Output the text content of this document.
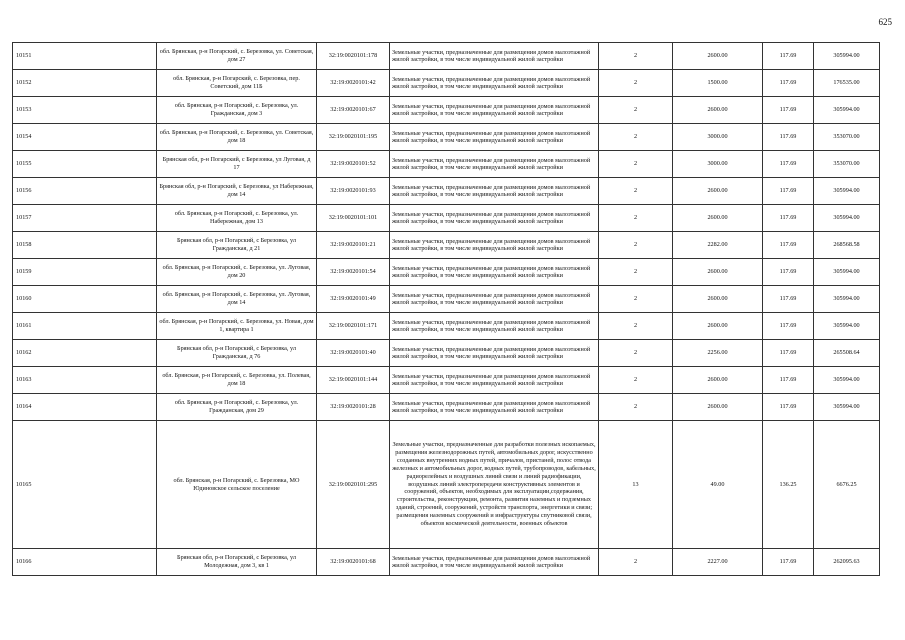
625
10151	обл. Брянская, р-н Погарский, с. Березовка, ул. Советская, дом 27	32:19:0020101:178	Земельные участки, предназначенные для размещения домов малоэтажной жилой застройки, в том числе индивидуальной жилой застройки	2	2600.00	117.69	305994.00
10152	обл. Брянская, р-н Погарский, с. Березовка, пер. Советский, дом 11Б	32:19:0020101:42	Земельные участки, предназначенные для размещения домов малоэтажной жилой застройки, в том числе индивидуальной жилой застройки	2	1500.00	117.69	176535.00
10153	обл. Брянская, р-н Погарский, с. Березовка, ул. Гражданская, дом 3	32:19:0020101:67	Земельные участки, предназначенные для размещения домов малоэтажной жилой застройки, в том числе индивидуальной жилой застройки	2	2600.00	117.69	305994.00
10154	обл. Брянская, р-н Погарский, с. Березовка, ул. Советская, дом 18	32:19:0020101:195	Земельные участки, предназначенные для размещения домов малоэтажной жилой застройки, в том числе индивидуальной жилой застройки	2	3000.00	117.69	353070.00
10155	Брянская обл, р-н Погарский, с Березовка, ул Луговая, д 17	32:19:0020101:52	Земельные участки, предназначенные для размещения домов малоэтажной жилой застройки, в том числе индивидуальной жилой застройки	2	3000.00	117.69	353070.00
10156	Брянская обл, р-н Погарский, с Березовка, ул Набережная, дом 14	32:19:0020101:93	Земельные участки, предназначенные для размещения домов малоэтажной жилой застройки, в том числе индивидуальной жилой застройки	2	2600.00	117.69	305994.00
10157	обл. Брянская, р-н Погарский, с. Березовка, ул. Набережная, дом 13	32:19:0020101:101	Земельные участки, предназначенные для размещения домов малоэтажной жилой застройки, в том числе индивидуальной жилой застройки	2	2600.00	117.69	305994.00
10158	Брянская обл, р-н Погарский, с Березовка, ул Гражданская, д 21	32:19:0020101:21	Земельные участки, предназначенные для размещения домов малоэтажной жилой застройки, в том числе индивидуальной жилой застройки	2	2282.00	117.69	268568.58
10159	обл. Брянская, р-н Погарский, с. Березовка, ул. Луговая, дом 20	32:19:0020101:54	Земельные участки, предназначенные для размещения домов малоэтажной жилой застройки, в том числе индивидуальной жилой застройки	2	2600.00	117.69	305994.00
10160	обл. Брянская, р-н Погарский, с. Березовка, ул. Луговая, дом 14	32:19:0020101:49	Земельные участки, предназначенные для размещения домов малоэтажной жилой застройки, в том числе индивидуальной жилой застройки	2	2600.00	117.69	305994.00
10161	обл. Брянская, р-н Погарский, с. Березовка, ул. Новая, дом 1, квартира 1	32:19:0020101:171	Земельные участки, предназначенные для размещения домов малоэтажной жилой застройки, в том числе индивидуальной жилой застройки	2	2600.00	117.69	305994.00
10162	Брянская обл, р-н Погарский, с Березовка, ул Гражданская, д 76	32:19:0020101:40	Земельные участки, предназначенные для размещения домов малоэтажной жилой застройки, в том числе индивидуальной жилой застройки	2	2256.00	117.69	265508.64
10163	обл. Брянская, р-н Погарский, с. Березовка, ул. Полевая, дом 18	32:19:0020101:144	Земельные участки, предназначенные для размещения домов малоэтажной жилой застройки, в том числе индивидуальной жилой застройки	2	2600.00	117.69	305994.00
10164	обл. Брянская, р-н Погарский, с. Березовка, ул. Гражданская, дом 29	32:19:0020101:28	Земельные участки, предназначенные для размещения домов малоэтажной жилой застройки, в том числе индивидуальной жилой застройки	2	2600.00	117.69	305994.00
10165	обл. Брянская, р-н Погарский, с. Березовка, МО Юдиновское сельское поселение	32:19:0020101:295	Земельные участки, предназначенные для разработки полезных ископаемых, размещения железнодорожных путей, автомобильных дорог, искусственно созданных внутренних водных путей, причалов, пристаней, полос отвода железных и автомобильных дорог, водных путей, трубопроводов, кабельных, радиорелейных и воздушных линий связи и линий радиофикации, воздушных линий электропередачи конструктивных элементов и сооружений, объектов, необходимых для эксплуатации,содержания, строительства, реконструкции, ремонта, развития наземных и подземных зданий, строений, сооружений, устройств транспорта, энергетики и связи; размещения наземных сооружений и инфраструктуры спутниковой связи, объектов космической деятельности, военных объектов	13	49.00	136.25	6676.25
10166	Брянская обл, р-н Погарский, с Березовка, ул Молодежная, дом 3, кв 1	32:19:0020101:68	Земельные участки, предназначенные для размещения домов малоэтажной жилой застройки, в том числе индивидуальной жилой застройки	2	2227.00	117.69	262095.63
